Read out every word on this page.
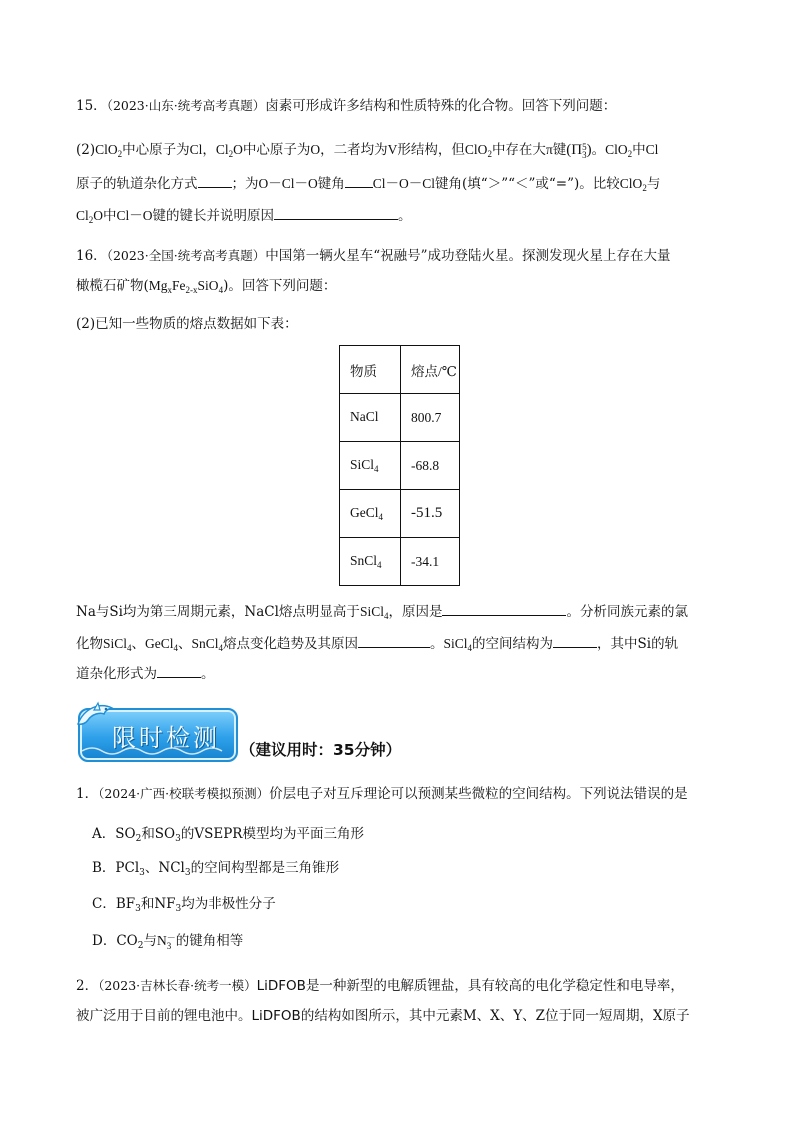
15．（2023·山东·统考高考真题）卤素可形成许多结构和性质特殊的化合物。回答下列问题：
(2)ClO$_2$中心原子为Cl，$Cl_2O$中心原子为O，二者均为V形结构，但ClO$_2$中存在大π键(Π 5
3 )。ClO$_2$中Cl
原子的轨道杂化方式	；为O－Cl－O键角 Cl－O－Cl键角(填“＞”“＜”或“=”)。比较ClO$_2$与
$Cl_2O$中Cl－O键的键长并说明原因	。
16．（2023·全国·统考高考真题）中国第一辆火星车“祝融号”成功登陆火星。探测发现火星上存在大量
橄榄石矿物$(Mg_xFe_{2-x}SiO_4)$。回答下列问题：
(2)已知一些物质的熔点数据如下表：
物质	熔点/℃
NaCl	800.7
SiCl$_4$	-68.8
GeCl$_4$	-51.5
SnCl$_4$	-34.1
Na与Si均为第三周期元素，NaCl熔点明显高于SiCl$_4$，原因是	。分析同族元素的氯
化物SiCl$_4$、GeCl$_4$、SnCl$_4$熔点变化趋势及其原因	。SiCl$_4$的空间结构为	，其中Si的轨
道杂化形式为	。
限时检测 （建议用时：35分钟）
1．（2024·广西·校联考模拟预测）价层电子对互斥理论可以预测某些微粒的空间结构。下列说法错误的是
A．$SO_2$和$SO_3$的VSEPR模型均为平面三角形
B．PCl$_3$、NCl$_3$的空间构型都是三角锥形
C．$BF_3$和$NF_3$均为非极性分子
D．$CO_2$与N －
3 的键角相等
2．（2023·吉林长春·统考一模）LiDFOB是一种新型的电解质锂盐，具有较高的电化学稳定性和电导率，
被广泛用于目前的锂电池中。LiDFOB的结构如图所示，其中元素M、X、Y、Z位于同一短周期，X原子
